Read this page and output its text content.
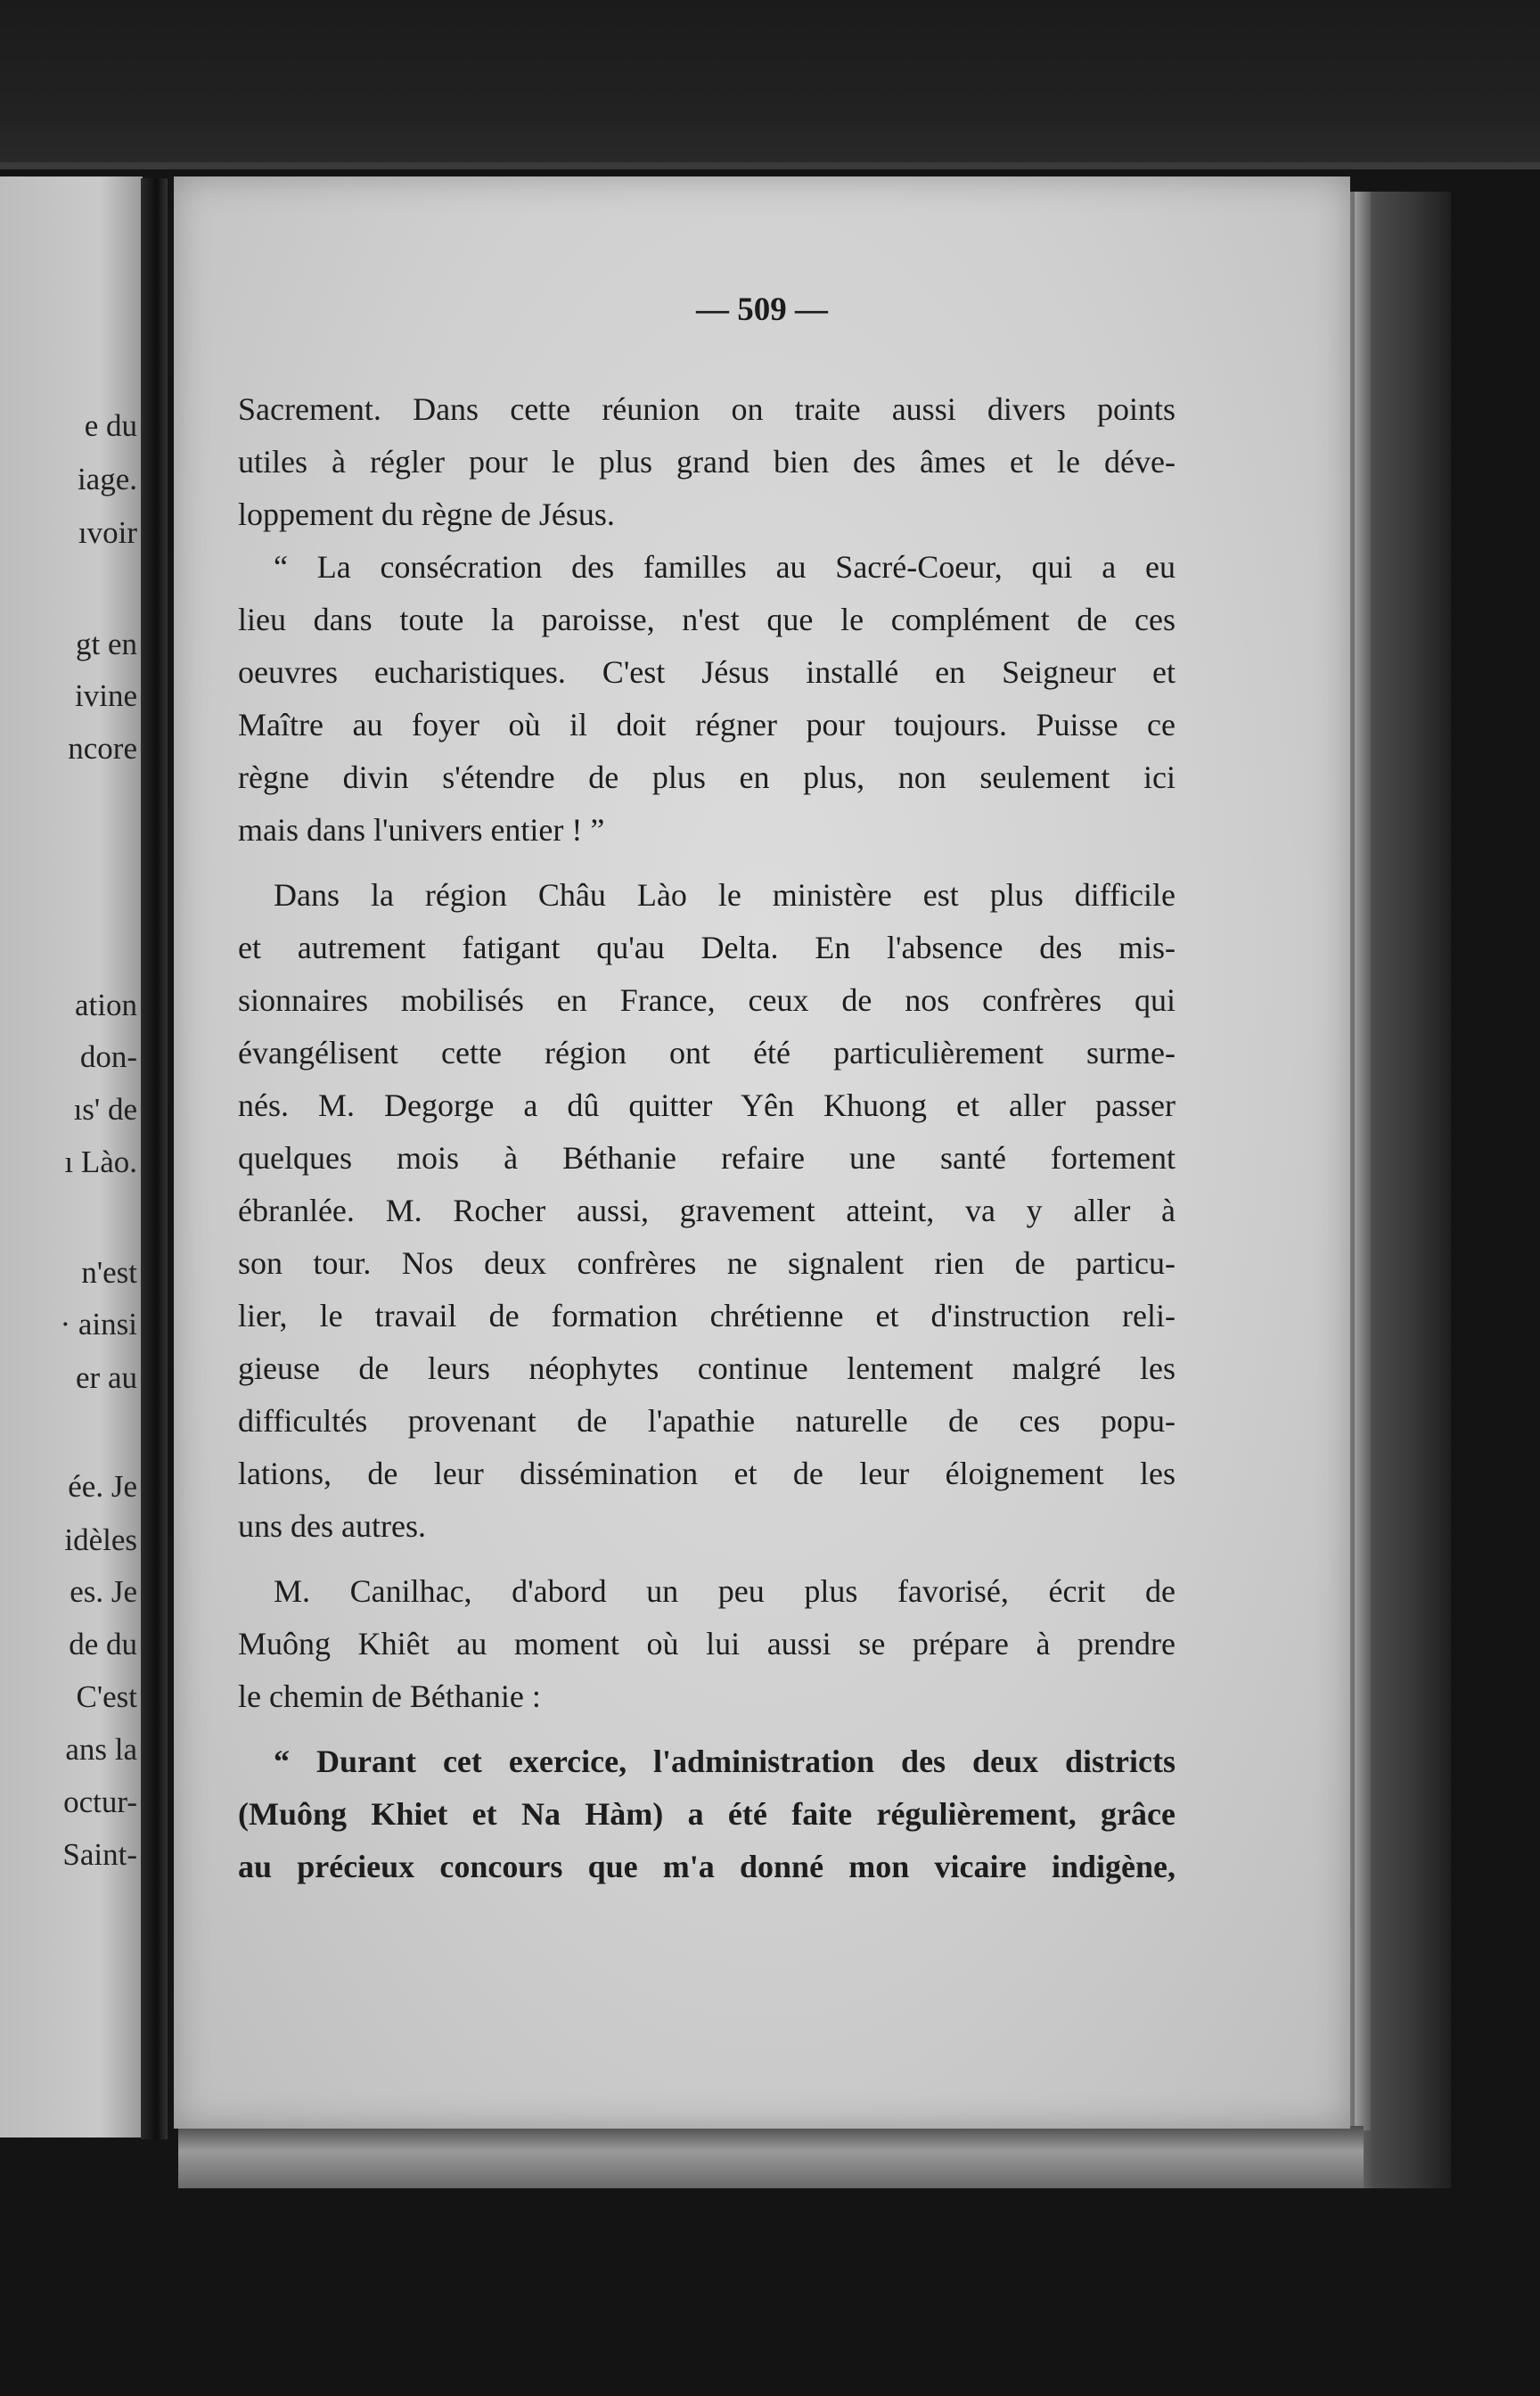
e du

iage.

ıvoir

gt en

ivine

ncore

ation

don-

ıs' de

ı Lào.

n'est

· ainsi

er au

ée. Je

idèles

es. Je

de du

C'est

ans la

octur-

Saint-

— 509 —
Sacrement. Dans cette réunion on traite aussi divers points
utiles à régler pour le plus grand bien des âmes et le déve-
loppement du règne de Jésus.
“ La consécration des familles au Sacré-Coeur, qui a eu
lieu dans toute la paroisse, n'est que le complément de ces
oeuvres eucharistiques. C'est Jésus installé en Seigneur et
Maître au foyer où il doit régner pour toujours. Puisse ce
règne divin s'étendre de plus en plus, non seulement ici
mais dans l'univers entier ! ”
Dans la région Châu Lào le ministère est plus difficile
et autrement fatigant qu'au Delta. En l'absence des mis-
sionnaires mobilisés en France, ceux de nos confrères qui
évangélisent cette région ont été particulièrement surme-
nés. M. Degorge a dû quitter Yên Khuong et aller passer
quelques mois à Béthanie refaire une santé fortement
ébranlée. M. Rocher aussi, gravement atteint, va y aller à
son tour. Nos deux confrères ne signalent rien de particu-
lier, le travail de formation chrétienne et d'instruction reli-
gieuse de leurs néophytes continue lentement malgré les
difficultés provenant de l'apathie naturelle de ces popu-
lations, de leur dissémination et de leur éloignement les
uns des autres.
M. Canilhac, d'abord un peu plus favorisé, écrit de
Muông Khiêt au moment où lui aussi se prépare à prendre
le chemin de Béthanie :
“ Durant cet exercice, l'administration des deux districts
(Muông Khiet et Na Hàm) a été faite régulièrement, grâce
au précieux concours que m'a donné mon vicaire indigène,
